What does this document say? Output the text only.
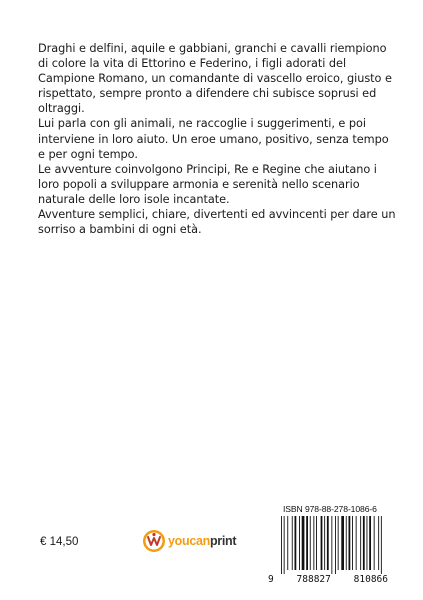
Draghi e delfini, aquile e gabbiani, granchi e cavalli riempiono di colore la vita di Ettorino e Federino, i figli adorati del Campione Romano, un comandante di vascello eroico, giusto e rispettato, sempre pronto a difendere chi subisce soprusi ed oltraggi.

Lui parla con gli animali, ne raccoglie i suggerimenti, e poi interviene in loro aiuto. Un eroe umano, positivo, senza tempo e per ogni tempo.

Le avventure coinvolgono Principi, Re e Regine che aiutano i loro popoli a sviluppare armonia e serenità nello scenario naturale delle loro isole incantate.

Avventure semplici, chiare, divertenti ed avvincenti per dare un sorriso a bambini di ogni età.

€ 14,50	youcanprint
ISBN 978-88-278-1086-6
9 788827 810866
